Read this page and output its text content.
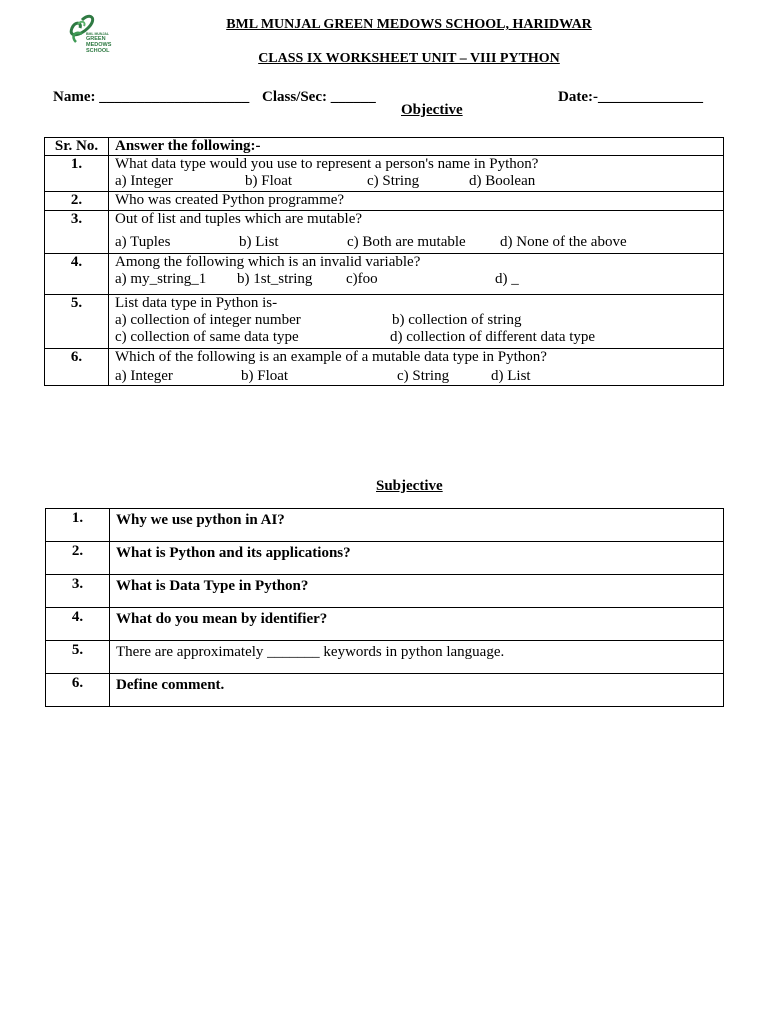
BML MUNJAL
GREEN
MEDOWS
SCHOOL
BML MUNJAL GREEN MEDOWS SCHOOL, HARIDWAR
CLASS IX WORKSHEET UNIT – VIII PYTHON
Name: ____________________ Class/Sec: ______	Date:-______________
Objective
Sr. No.	Answer the following:-
1.	What data type would you use to represent a person's name in Python?
a) Integer b) Float c) String d) Boolean

2.	Who was created Python programme?
3.	Out of list and tuples which are mutable?
a) Tuples b) List c) Both are mutable d) None of the above

4.	Among the following which is an invalid variable?
a) my_string_1 b) 1st_string c)foo d) _

5.	List data type in Python is-
a) collection of integer number b) collection of string
c) collection of same data type d) collection of different data type

6.	Which of the following is an example of a mutable data type in Python?
a) Integer b) Float c) String d) List
Subjective
1.	Why we use python in AI?
2.	What is Python and its applications?
3.	What is Data Type in Python?
4.	What do you mean by identifier?
5.	There are approximately _______ keywords in python language.
6.	Define comment.
